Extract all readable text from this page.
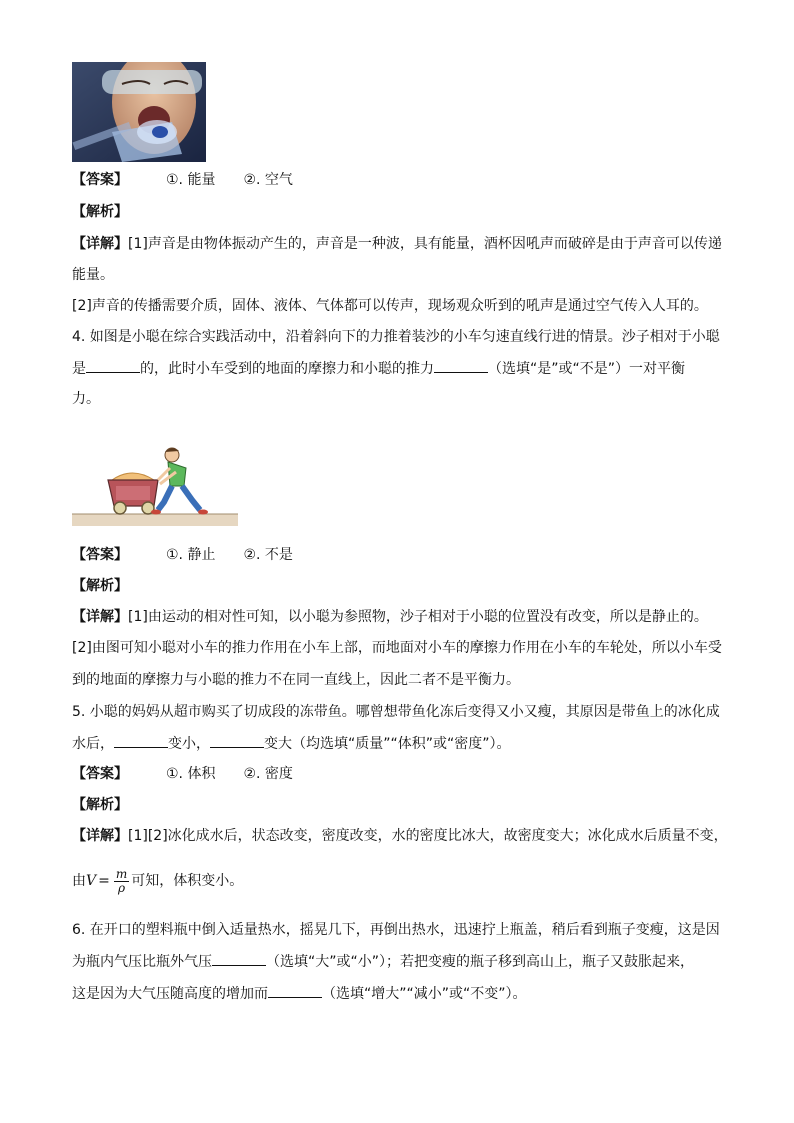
【答案】	①. 能量 ②. 空气
【解析】
【详解】[1]声音是由物体振动产生的，声音是一种波，具有能量，酒杯因吼声而破碎是由于声音可以传递
能量。
[2]声音的传播需要介质，固体、液体、气体都可以传声，现场观众听到的吼声是通过空气传入人耳的。
4. 如图是小聪在综合实践活动中，沿着斜向下的力推着装沙的小车匀速直线行进的情景。沙子相对于小聪
是	的，此时小车受到的地面的摩擦力和小聪的推力	（选填“是”或“不是”）一对平衡
力。
【答案】	①. 静止 ②. 不是
【解析】
【详解】[1]由运动的相对性可知，以小聪为参照物，沙子相对于小聪的位置没有改变，所以是静止的。
[2]由图可知小聪对小车的推力作用在小车上部，而地面对小车的摩擦力作用在小车的车轮处，所以小车受
到的地面的摩擦力与小聪的推力不在同一直线上，因此二者不是平衡力。
5. 小聪的妈妈从超市购买了切成段的冻带鱼。哪曾想带鱼化冻后变得又小又瘦，其原因是带鱼上的冰化成
水后，	变小，	变大（均选填“质量”“体积”或“密度”）。
【答案】	①. 体积 ②. 密度
【解析】
【详解】[1][2]冰化成水后，状态改变，密度改变，水的密度比冰大，故密度变大；冰化成水后质量不变，
由$V = \frac{m}{\rho}$ 可知，体积变小。
6. 在开口的塑料瓶中倒入适量热水，摇晃几下，再倒出热水，迅速拧上瓶盖，稍后看到瓶子变瘦，这是因
为瓶内气压比瓶外气压	（选填“大”或“小”）；若把变瘦的瓶子移到高山上，瓶子又鼓胀起来，
这是因为大气压随高度的增加而	（选填“增大”“减小”或“不变”）。
